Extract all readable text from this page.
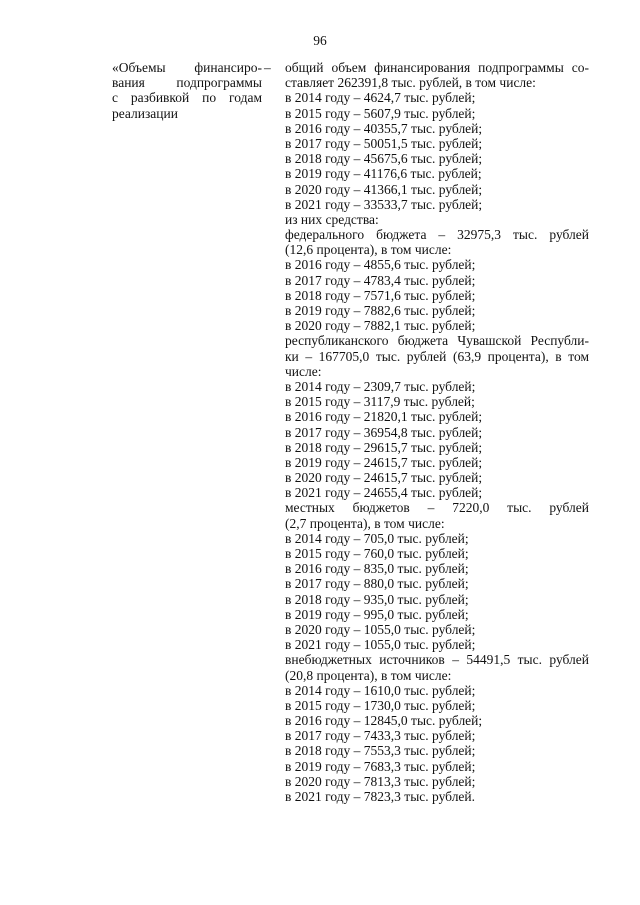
96
«Объемы финансиро-
вания подпрограммы
с разбивкой по годам
реализации
– общий объем финансирования подпрограммы со-
ставляет 262391,8 тыс. рублей, в том числе:
в 2014 году – 4624,7 тыс. рублей;
в 2015 году – 5607,9 тыс. рублей;
в 2016 году – 40355,7 тыс. рублей;
в 2017 году – 50051,5 тыс. рублей;
в 2018 году – 45675,6 тыс. рублей;
в 2019 году – 41176,6 тыс. рублей;
в 2020 году – 41366,1 тыс. рублей;
в 2021 году – 33533,7 тыс. рублей;
из них средства:
федерального бюджета – 32975,3 тыс. рублей
(12,6 процента), в том числе:
в 2016 году – 4855,6 тыс. рублей;
в 2017 году – 4783,4 тыс. рублей;
в 2018 году – 7571,6 тыс. рублей;
в 2019 году – 7882,6 тыс. рублей;
в 2020 году – 7882,1 тыс. рублей;
республиканского бюджета Чувашской Республи-
ки – 167705,0 тыс. рублей (63,9 процента), в том
числе:
в 2014 году – 2309,7 тыс. рублей;
в 2015 году – 3117,9 тыс. рублей;
в 2016 году – 21820,1 тыс. рублей;
в 2017 году – 36954,8 тыс. рублей;
в 2018 году – 29615,7 тыс. рублей;
в 2019 году – 24615,7 тыс. рублей;
в 2020 году – 24615,7 тыс. рублей;
в 2021 году – 24655,4 тыс. рублей;
местных бюджетов – 7220,0 тыс. рублей
(2,7 процента), в том числе:
в 2014 году – 705,0 тыс. рублей;
в 2015 году – 760,0 тыс. рублей;
в 2016 году – 835,0 тыс. рублей;
в 2017 году – 880,0 тыс. рублей;
в 2018 году – 935,0 тыс. рублей;
в 2019 году – 995,0 тыс. рублей;
в 2020 году – 1055,0 тыс. рублей;
в 2021 году – 1055,0 тыс. рублей;
внебюджетных источников – 54491,5 тыс. рублей
(20,8 процента), в том числе:
в 2014 году – 1610,0 тыс. рублей;
в 2015 году – 1730,0 тыс. рублей;
в 2016 году – 12845,0 тыс. рублей;
в 2017 году – 7433,3 тыс. рублей;
в 2018 году – 7553,3 тыс. рублей;
в 2019 году – 7683,3 тыс. рублей;
в 2020 году – 7813,3 тыс. рублей;
в 2021 году – 7823,3 тыс. рублей.
